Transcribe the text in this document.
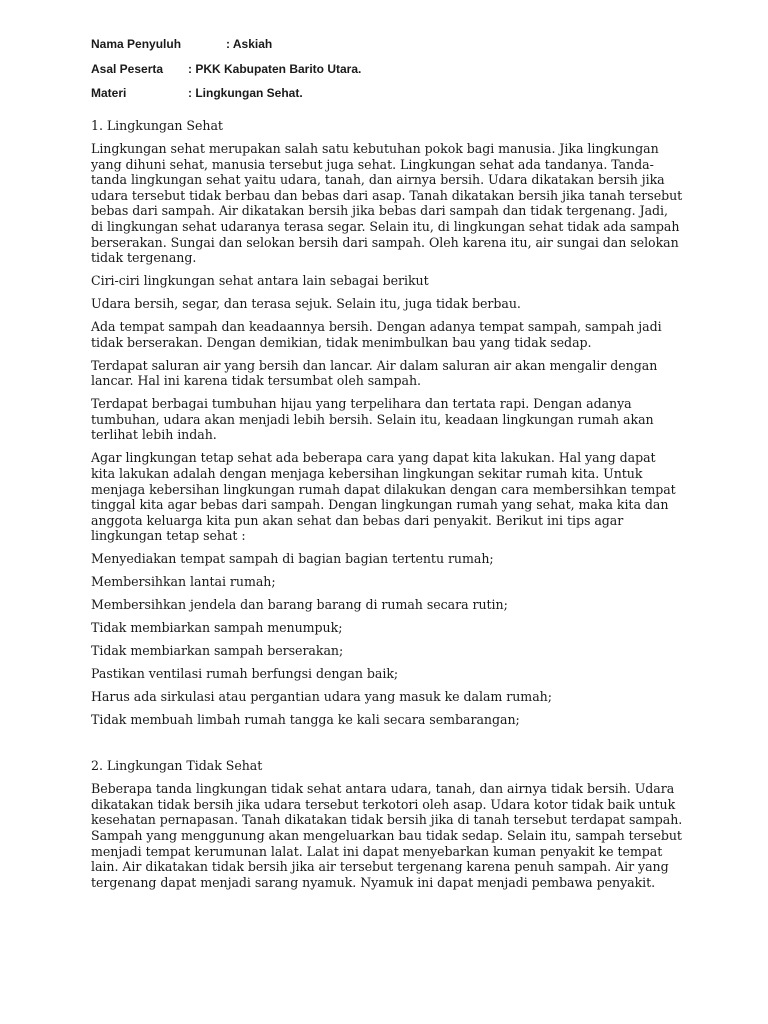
Nama Penyuluh	: Askiah
Asal Peserta : PKK Kabupaten Barito Utara.
Materi	: Lingkungan Sehat.
1. Lingkungan Sehat

Lingkungan sehat merupakan salah satu kebutuhan pokok bagi manusia. Jika lingkungan yang dihuni sehat, manusia tersebut juga sehat. Lingkungan sehat ada tandanya. Tanda-tanda lingkungan sehat yaitu udara, tanah, dan airnya bersih. Udara dikatakan bersih jika udara tersebut tidak berbau dan bebas dari asap. Tanah dikatakan bersih jika tanah tersebut bebas dari sampah. Air dikatakan bersih jika bebas dari sampah dan tidak tergenang. Jadi, di lingkungan sehat udaranya terasa segar. Selain itu, di lingkungan sehat tidak ada sampah berserakan. Sungai dan selokan bersih dari sampah. Oleh karena itu, air sungai dan selokan tidak tergenang.

Ciri-ciri lingkungan sehat antara lain sebagai berikut

Udara bersih, segar, dan terasa sejuk. Selain itu, juga tidak berbau.

Ada tempat sampah dan keadaannya bersih. Dengan adanya tempat sampah, sampah jadi tidak berserakan. Dengan demikian, tidak menimbulkan bau yang tidak sedap.

Terdapat saluran air yang bersih dan lancar. Air dalam saluran air akan mengalir dengan lancar. Hal ini karena tidak tersumbat oleh sampah.

Terdapat berbagai tumbuhan hijau yang terpelihara dan tertata rapi. Dengan adanya tumbuhan, udara akan menjadi lebih bersih. Selain itu, keadaan lingkungan rumah akan terlihat lebih indah.

Agar lingkungan tetap sehat ada beberapa cara yang dapat kita lakukan. Hal yang dapat kita lakukan adalah dengan menjaga kebersihan lingkungan sekitar rumah kita. Untuk menjaga kebersihan lingkungan rumah dapat dilakukan dengan cara membersihkan tempat tinggal kita agar bebas dari sampah. Dengan lingkungan rumah yang sehat, maka kita dan anggota keluarga kita pun akan sehat dan bebas dari penyakit. Berikut ini tips agar lingkungan tetap sehat :

Menyediakan tempat sampah di bagian bagian tertentu rumah;

Membersihkan lantai rumah;

Membersihkan jendela dan barang barang di rumah secara rutin;

Tidak membiarkan sampah menumpuk;

Tidak membiarkan sampah berserakan;

Pastikan ventilasi rumah berfungsi dengan baik;

Harus ada sirkulasi atau pergantian udara yang masuk ke dalam rumah;

Tidak membuah limbah rumah tangga ke kali secara sembarangan;

2. Lingkungan Tidak Sehat

Beberapa tanda lingkungan tidak sehat antara udara, tanah, dan airnya tidak bersih. Udara dikatakan tidak bersih jika udara tersebut terkotori oleh asap. Udara kotor tidak baik untuk kesehatan pernapasan. Tanah dikatakan tidak bersih jika di tanah tersebut terdapat sampah. Sampah yang menggunung akan mengeluarkan bau tidak sedap. Selain itu, sampah tersebut menjadi tempat kerumunan lalat. Lalat ini dapat menyebarkan kuman penyakit ke tempat lain. Air dikatakan tidak bersih jika air tersebut tergenang karena penuh sampah. Air yang tergenang dapat menjadi sarang nyamuk. Nyamuk ini dapat menjadi pembawa penyakit.
